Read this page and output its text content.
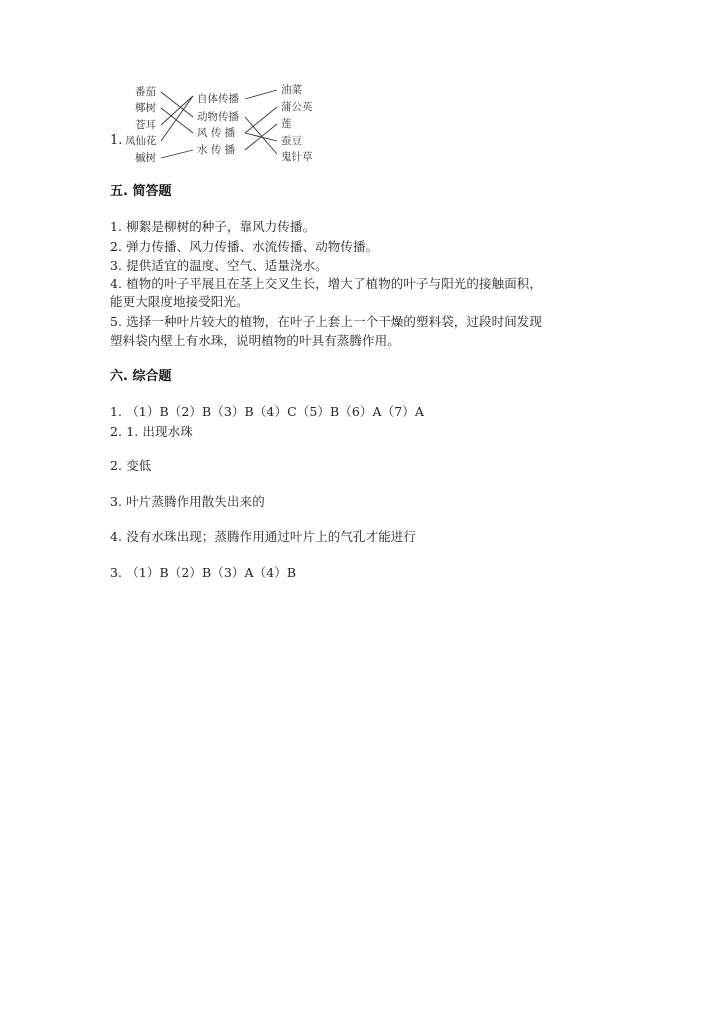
1.
番茄
椰树
苍耳
凤仙花
槭树
自体传播
动物传播
风 传 播
水 传 播
油菜
蒲公英
莲
蚕豆
鬼针草
五. 简答题
1. 柳絮是柳树的种子，靠风力传播。
2. 弹力传播、风力传播、水流传播、动物传播。
3. 提供适宜的温度、空气、适量浇水。
4. 植物的叶子平展且在茎上交叉生长，增大了植物的叶子与阳光的接触面积，
能更大限度地接受阳光。
5. 选择一种叶片较大的植物，在叶子上套上一个干燥的塑料袋，过段时间发现
塑料袋内壁上有水珠，说明植物的叶具有蒸腾作用。
六. 综合题
1. （1）B（2）B（3）B（4）C（5）B（6）A（7）A
2. 1. 出现水珠
2. 变低
3. 叶片蒸腾作用散失出来的
4. 没有水珠出现；蒸腾作用通过叶片上的气孔才能进行
3. （1）B（2）B（3）A（4）B
